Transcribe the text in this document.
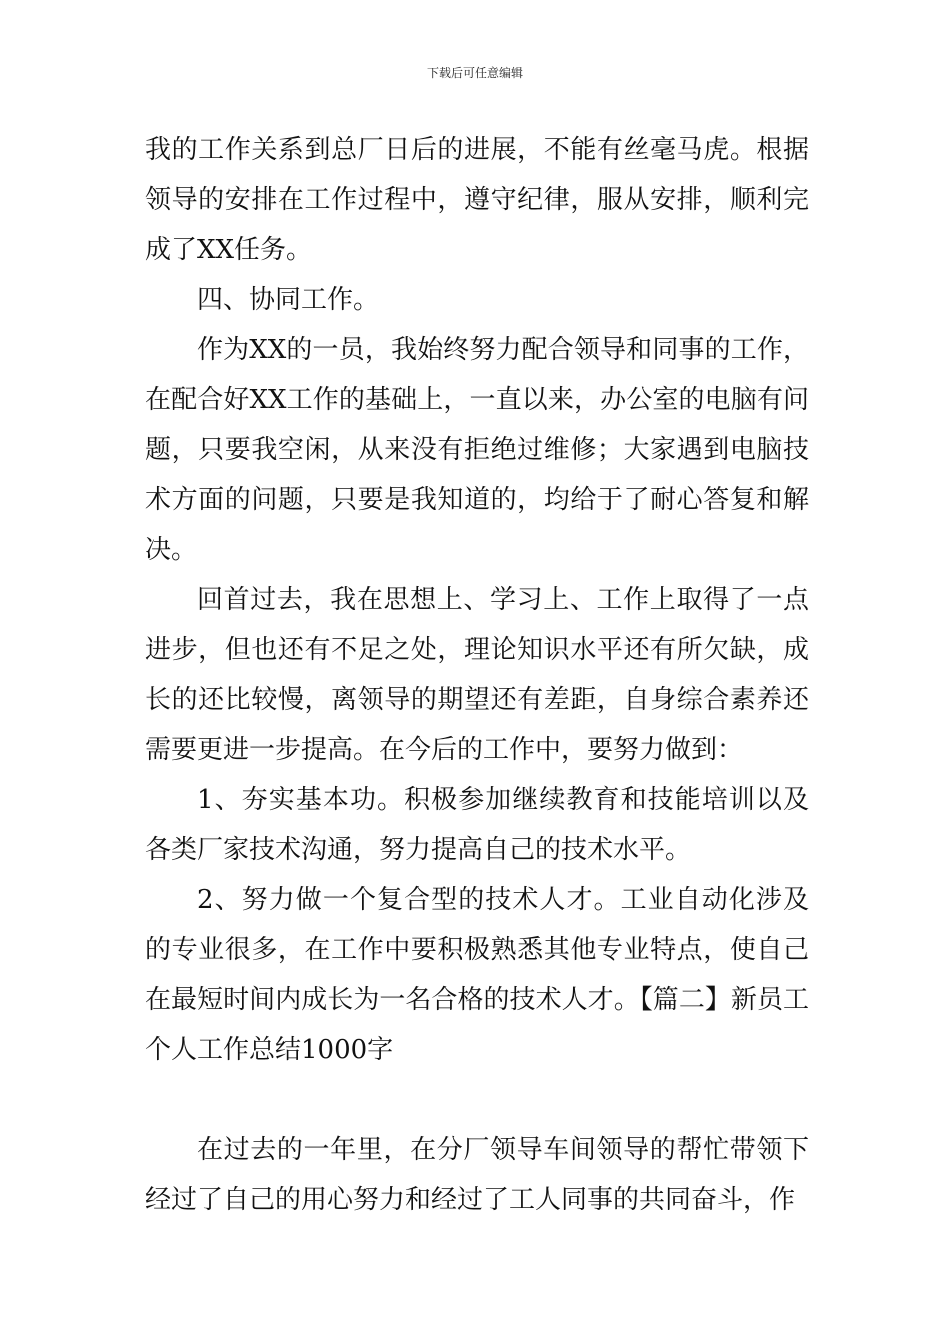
下载后可任意编辑

我的工作关系到总厂日后的进展，不能有丝毫马虎。根据领导的安排在工作过程中，遵守纪律，服从安排，顺利完成了XX任务。

四、协同工作。

作为XX的一员，我始终努力配合领导和同事的工作，在配合好XX工作的基础上，一直以来，办公室的电脑有问题，只要我空闲，从来没有拒绝过维修；大家遇到电脑技术方面的问题，只要是我知道的，均给于了耐心答复和解决。

回首过去，我在思想上、学习上、工作上取得了一点进步，但也还有不足之处，理论知识水平还有所欠缺，成长的还比较慢，离领导的期望还有差距，自身综合素养还需要更进一步提高。在今后的工作中，要努力做到：

1、夯实基本功。积极参加继续教育和技能培训以及各类厂家技术沟通，努力提高自己的技术水平。

2、努力做一个复合型的技术人才。工业自动化涉及的专业很多，在工作中要积极熟悉其他专业特点，使自己在最短时间内成长为一名合格的技术人才。【篇二】新员工个人工作总结1000字

在过去的一年里，在分厂领导车间领导的帮忙带领下经过了自己的用心努力和经过了工人同事的共同奋斗，作
